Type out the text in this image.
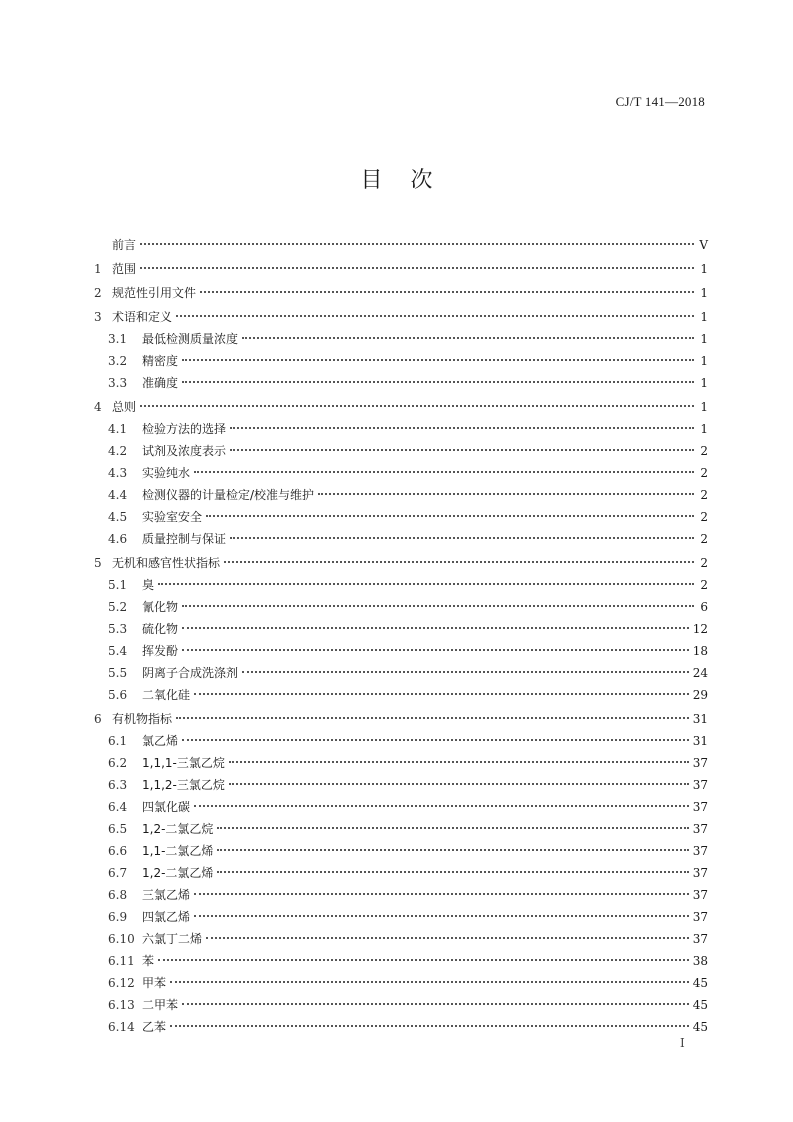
CJ/T 141—2018
目次
前言	V
1 范围	1
2 规范性引用文件	1
3 术语和定义	1
3.1	最低检测质量浓度	1
3.2	精密度	1
3.3	准确度	1
4 总则	1
4.1	检验方法的选择	1
4.2	试剂及浓度表示	2
4.3	实验纯水	2
4.4	检测仪器的计量检定/校准与维护	2
4.5	实验室安全	2
4.6	质量控制与保证	2
5 无机和感官性状指标	2
5.1	臭	2
5.2	氰化物	6
5.3	硫化物	12
5.4	挥发酚	18
5.5	阴离子合成洗涤剂	24
5.6	二氧化硅	29
6 有机物指标	31
6.1	氯乙烯	31
6.2	1,1,1-三氯乙烷	37
6.3	1,1,2-三氯乙烷	37
6.4	四氯化碳	37
6.5	1,2-二氯乙烷	37
6.6	1,1-二氯乙烯	37
6.7	1,2-二氯乙烯	37
6.8	三氯乙烯	37
6.9	四氯乙烯	37
6.10 六氯丁二烯	37
6.11 苯	38
6.12 甲苯	45
6.13 二甲苯	45
6.14 乙苯	45
I
